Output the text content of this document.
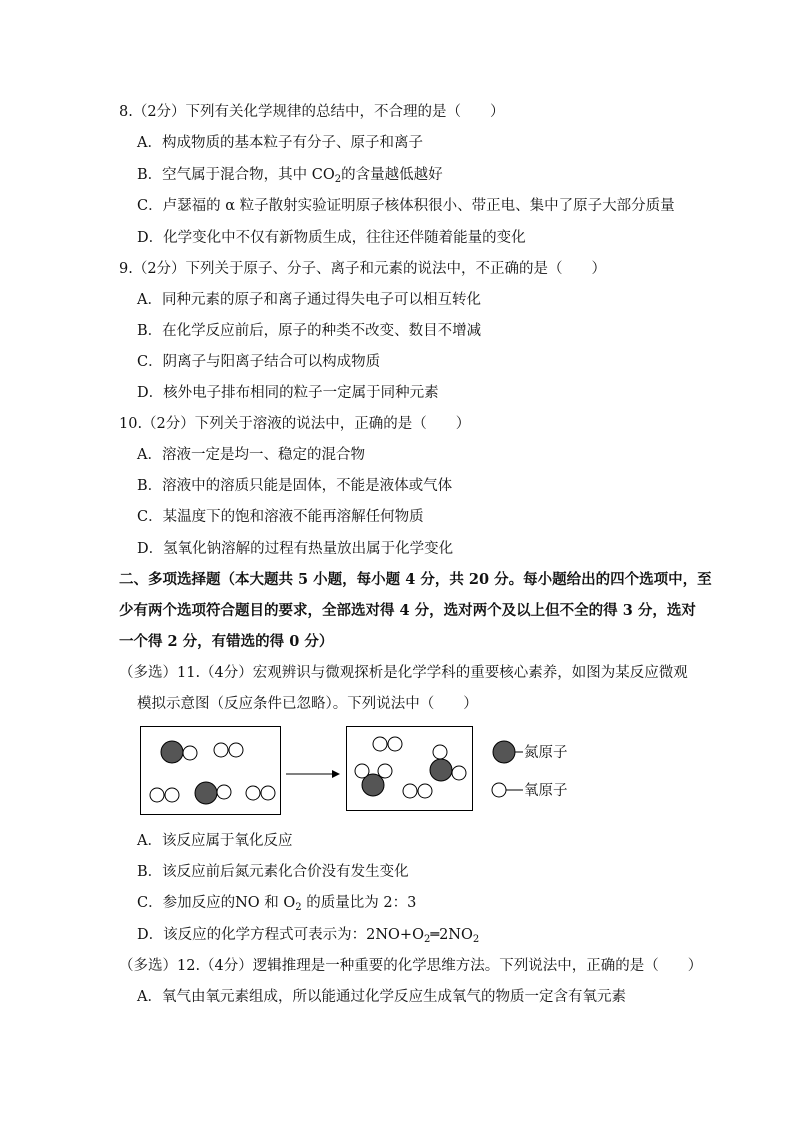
8.（2分）下列有关化学规律的总结中，不合理的是（　　）
A．构成物质的基本粒子有分子、原子和离子
B．空气属于混合物，其中 $CO_2$的含量越低越好
C．卢瑟福的 α 粒子散射实验证明原子核体积很小、带正电、集中了原子大部分质量
D．化学变化中不仅有新物质生成，往往还伴随着能量的变化
9.（2分）下列关于原子、分子、离子和元素的说法中，不正确的是（　　）
A．同种元素的原子和离子通过得失电子可以相互转化
B．在化学反应前后，原子的种类不改变、数目不增减
C．阴离子与阳离子结合可以构成物质
D．核外电子排布相同的粒子一定属于同种元素
10.（2分）下列关于溶液的说法中，正确的是（　　）
A．溶液一定是均一、稳定的混合物
B．溶液中的溶质只能是固体，不能是液体或气体
C．某温度下的饱和溶液不能再溶解任何物质
D．氢氧化钠溶解的过程有热量放出属于化学变化
二、多项选择题（本大题共 5 小题，每小题 4 分，共 20 分。每小题给出的四个选项中，至
少有两个选项符合题目的要求，全部选对得 4 分，选对两个及以上但不全的得 3 分，选对
一个得 2 分，有错选的得 0 分）
（多选）11.（4分）宏观辨识与微观探析是化学学科的重要核心素养，如图为某反应微观
模拟示意图（反应条件已忽略）。下列说法中（　　）
氮原子
氧原子
A．该反应属于氧化反应
B．该反应前后氮元素化合价没有发生变化
C．参加反应的NO 和 $O_2$ 的质量比为 2：3
D．该反应的化学方程式可表示为：$2NO+O_2═2NO_2$
（多选）12.（4分）逻辑推理是一种重要的化学思维方法。下列说法中，正确的是（　　）
A．氧气由氧元素组成，所以能通过化学反应生成氧气的物质一定含有氧元素
